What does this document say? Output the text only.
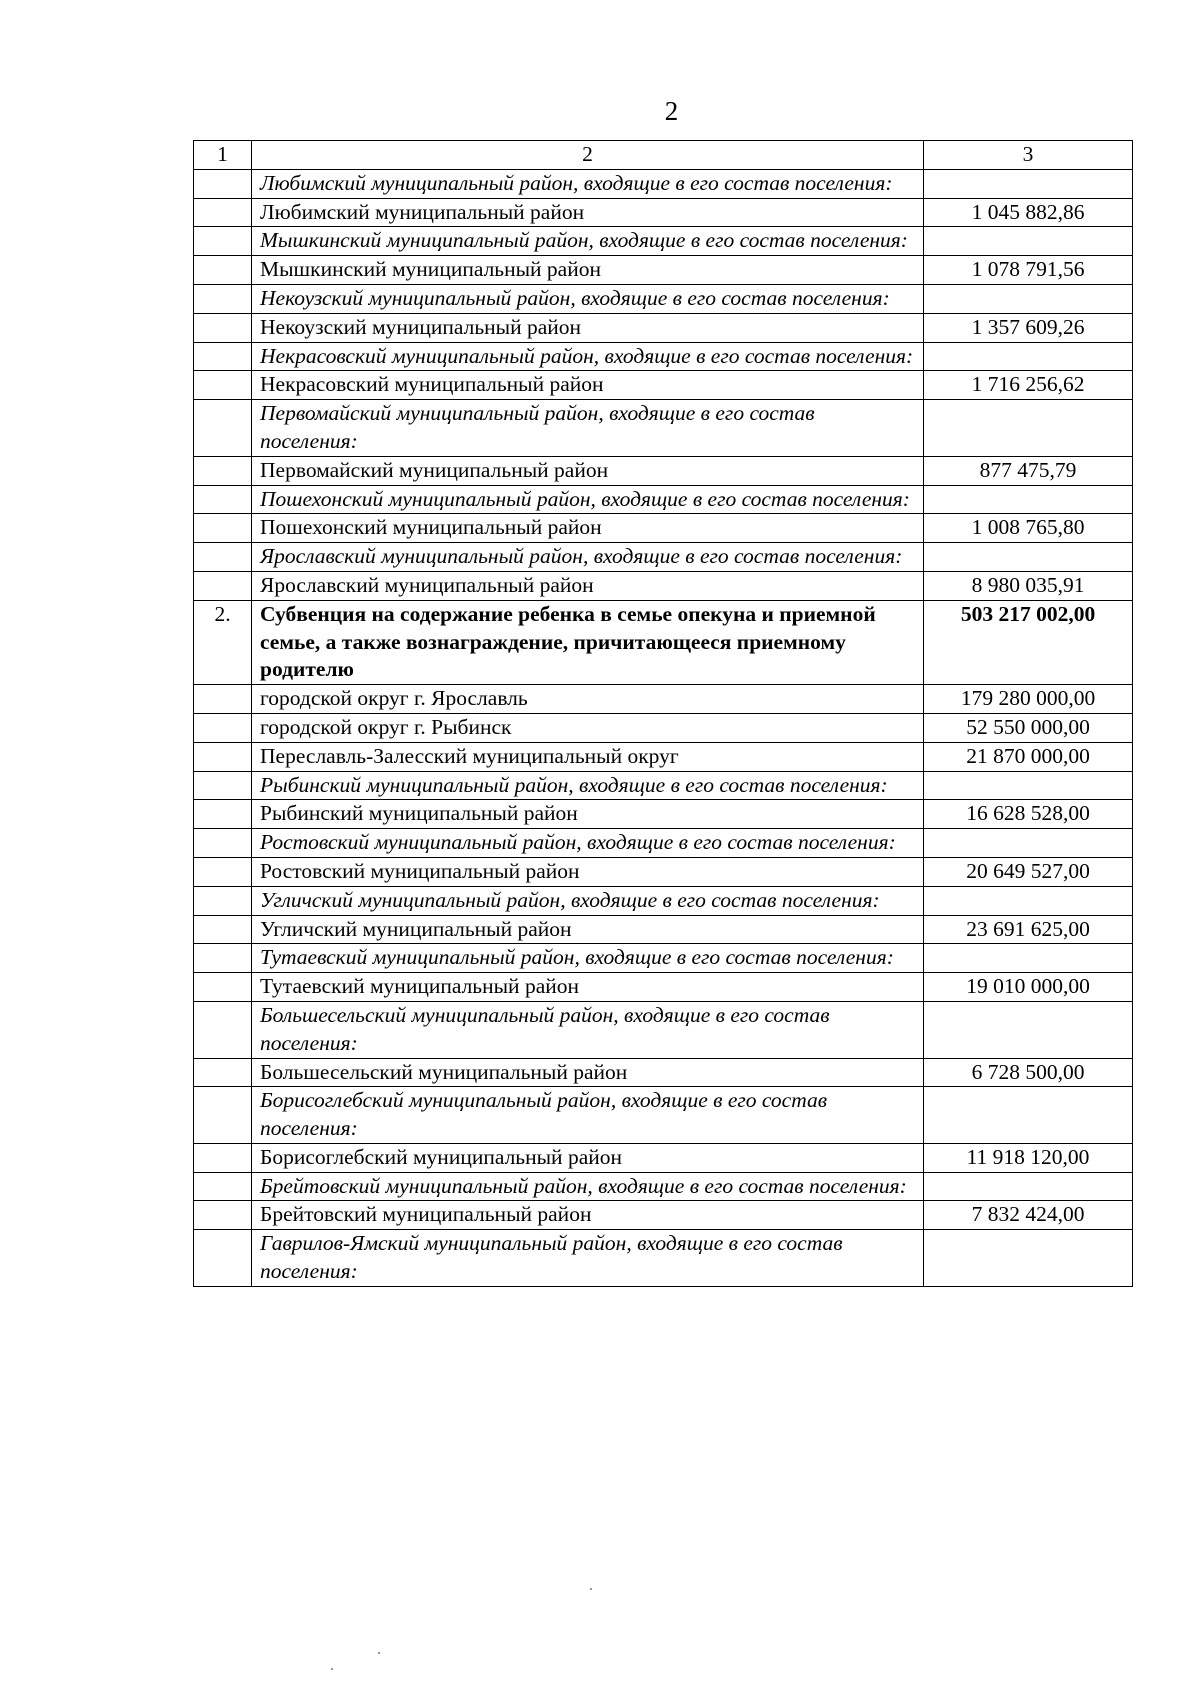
2
1	2	3
	Любимский муниципальный район, входящие в его состав поселения:	
	Любимский муниципальный район	1 045 882,86
	Мышкинский муниципальный район, входящие в его состав поселения:	
	Мышкинский муниципальный район	1 078 791,56
	Некоузский муниципальный район, входящие в его состав поселения:	
	Некоузский муниципальный район	1 357 609,26
	Некрасовский муниципальный район, входящие в его состав поселения:	
	Некрасовский муниципальный район	1 716 256,62
	Первомайский муниципальный район, входящие в его состав поселения:	
	Первомайский муниципальный район	877 475,79
	Пошехонский муниципальный район, входящие в его состав поселения:	
	Пошехонский муниципальный район	1 008 765,80
	Ярославский муниципальный район, входящие в его состав поселения:	
	Ярославский муниципальный район	8 980 035,91
2.	Субвенция на содержание ребенка в семье опекуна и приемной семье, а также вознаграждение, причитающееся приемному родителю	503 217 002,00
	городской округ г. Ярославль	179 280 000,00
	городской округ г. Рыбинск	52 550 000,00
	Переславль-Залесский муниципальный округ	21 870 000,00
	Рыбинский муниципальный район, входящие в его состав поселения:	
	Рыбинский муниципальный район	16 628 528,00
	Ростовский муниципальный район, входящие в его состав поселения:	
	Ростовский муниципальный район	20 649 527,00
	Угличский муниципальный район, входящие в его состав поселения:	
	Угличский муниципальный район	23 691 625,00
	Тутаевский муниципальный район, входящие в его состав поселения:	
	Тутаевский муниципальный район	19 010 000,00
	Большесельский муниципальный район, входящие в его состав поселения:	
	Большесельский муниципальный район	6 728 500,00
	Борисоглебский муниципальный район, входящие в его состав поселения:	
	Борисоглебский муниципальный район	11 918 120,00
	Брейтовский муниципальный район, входящие в его состав поселения:	
	Брейтовский муниципальный район	7 832 424,00
	Гаврилов-Ямский муниципальный район, входящие в его состав поселения:	
